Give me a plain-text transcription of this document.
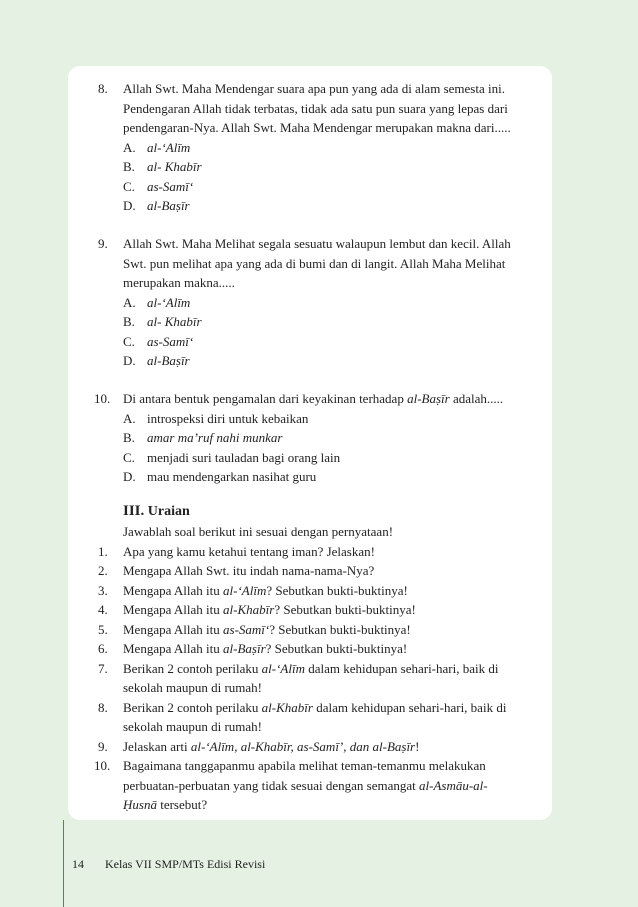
8. Allah Swt. Maha Mendengar suara apa pun yang ada di alam semesta ini.
Pendengaran Allah tidak terbatas, tidak ada satu pun suara yang lepas dari
pendengaran-Nya. Allah Swt. Maha Mendengar merupakan makna dari.....
A. al-‘Alīm
B. al- Khabīr
C. as-Samī‘
D. al-Baṣīr
9. Allah Swt. Maha Melihat segala sesuatu walaupun lembut dan kecil. Allah
Swt. pun melihat apa yang ada di bumi dan di langit. Allah Maha Melihat
merupakan makna.....
A. al-‘Alīm
B. al- Khabīr
C. as-Samī‘
D. al-Baṣīr
10. Di antara bentuk pengamalan dari keyakinan terhadap al-Baṣīr adalah.....
A. introspeksi diri untuk kebaikan
B. amar ma’ruf nahi munkar
C. menjadi suri tauladan bagi orang lain
D. mau mendengarkan nasihat guru
III. Uraian
Jawablah soal berikut ini sesuai dengan pernyataan!
1. Apa yang kamu ketahui tentang iman? Jelaskan!
2. Mengapa Allah Swt. itu indah nama-nama-Nya?
3. Mengapa Allah itu al-‘Alīm? Sebutkan bukti-buktinya!
4. Mengapa Allah itu al-Khabīr? Sebutkan bukti-buktinya!
5. Mengapa Allah itu as-Samī‘? Sebutkan bukti-buktinya!
6. Mengapa Allah itu al-Baṣīr? Sebutkan bukti-buktinya!
7. Berikan 2 contoh perilaku al-‘Alīm dalam kehidupan sehari-hari, baik di
sekolah maupun di rumah!
8. Berikan 2 contoh perilaku al-Khabīr dalam kehidupan sehari-hari, baik di
sekolah maupun di rumah!
9. Jelaskan arti al-‘Alīm, al-Khabīr, as-Samī’, dan al-Baṣīr!
10. Bagaimana tanggapanmu apabila melihat teman-temanmu melakukan
perbuatan-perbuatan yang tidak sesuai dengan semangat al-Asmāu-al-
Ḥusnā tersebut?
14 Kelas VII SMP/MTs Edisi Revisi
